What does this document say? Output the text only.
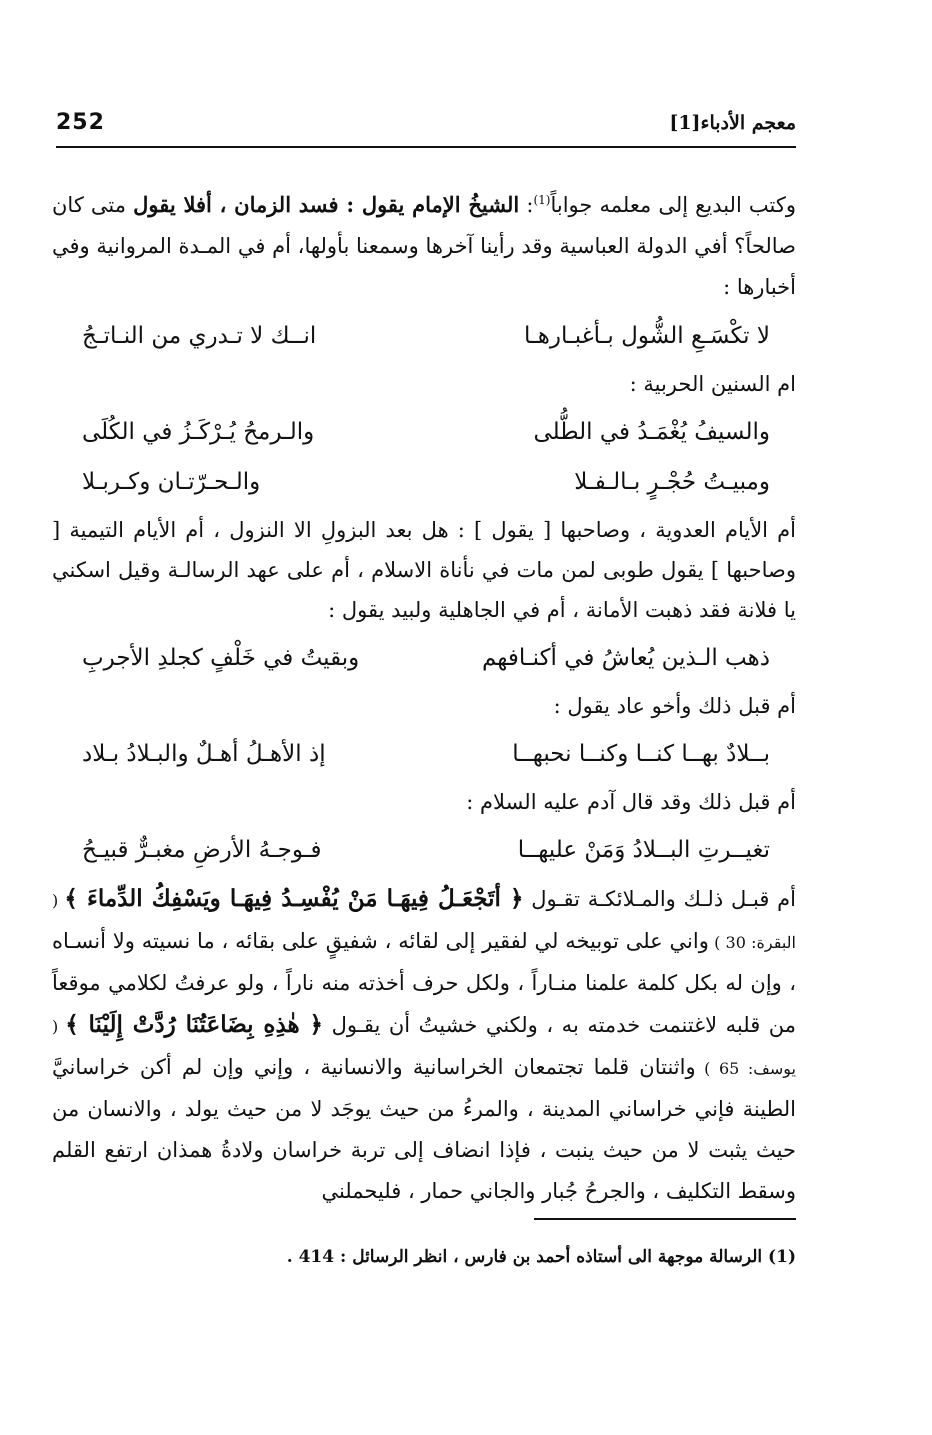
252	معجم الأدباء[1]

وكتب البديع إلى معلمه جواباً$^{(1)}$: الشيخُ الإمام يقول : فسد الزمان ، أفلا يقول متى كان صالحاً؟ أفي الدولة العباسية وقد رأينا آخرها وسمعنا بأولها، أم في المـدة المروانية وفي أخبارها :

لا تكْسَـعِ الشُّول بـأغبـارهـا
انــك لا تـدري من النـاتـجُ

ام السنين الحربية :

والسيفُ يُغْمَـدُ في الطُّلى
والـرمحُ يُـرْكَـزُ في الكُلَى
ومبيـتُ حُجْـرٍ بـالـفـلا
والـحـرّتـان وكـربـلا

أم الأيام العدوية ، وصاحبها [ يقول ] : هل بعد البزولِ الا النزول ، أم الأيام التيمية [ وصاحبها ] يقول طوبى لمن مات في نأناة الاسلام ، أم على عهد الرسالـة وقيل اسكني يا فلانة فقد ذهبت الأمانة ، أم في الجاهلية ولبيد يقول :

ذهب الـذين يُعاشُ في أكنـافهم
وبقيتُ في خَلْفٍ كجلدِ الأجربِ

أم قبل ذلك وأخو عاد يقول :

بــلادٌ بهــا كنــا وكنــا نحبهــا
إذ الأهـلُ أهـلٌ والبـلادُ بـلاد

أم قبل ذلك وقد قال آدم عليه السلام :

تغيــرتِ البــلادُ وَمَنْ عليهــا
فـوجـهُ الأرضِ مغبـرٌّ قبيـحُ

أم قبـل ذلـك والمـلائكـة تقـول ﴿ أتَجْعَـلُ فِيهَـا مَنْ يُفْسِـدُ فِيهَـا ويَسْفِكُ الدِّماءَ ﴾ ( البقرة: 30 ) واني على توبيخه لي لفقير إلى لقائه ، شفيقٍ على بقائه ، ما نسيته ولا أنسـاه ، وإن له بكل كلمة علمنا منـاراً ، ولكل حرف أخذته منه ناراً ، ولو عرفتُ لكلامي موقعاً من قلبه لاغتنمت خدمته به ، ولكني خشيتُ أن يقـول ﴿ هٰذِهِ بِضَاعَتُنَا رُدَّتْ إِلَيْنَا ﴾ ( يوسف: 65 ) واثنتان قلما تجتمعان الخراسانية والانسانية ، وإني وإن لم أكن خراسانيَّ الطينة فإني خراساني المدينة ، والمرءُ من حيث يوجَد لا من حيث يولد ، والانسان من حيث يثبت لا من حيث ينبت ، فإذا انضاف إلى تربة خراسان ولادةُ همذان ارتفع القلم وسقط التكليف ، والجرحُ جُبار والجاني حمار ، فليحملني

(1) الرسالة موجهة الى أستاذه أحمد بن فارس ، انظر الرسائل : 414 .
